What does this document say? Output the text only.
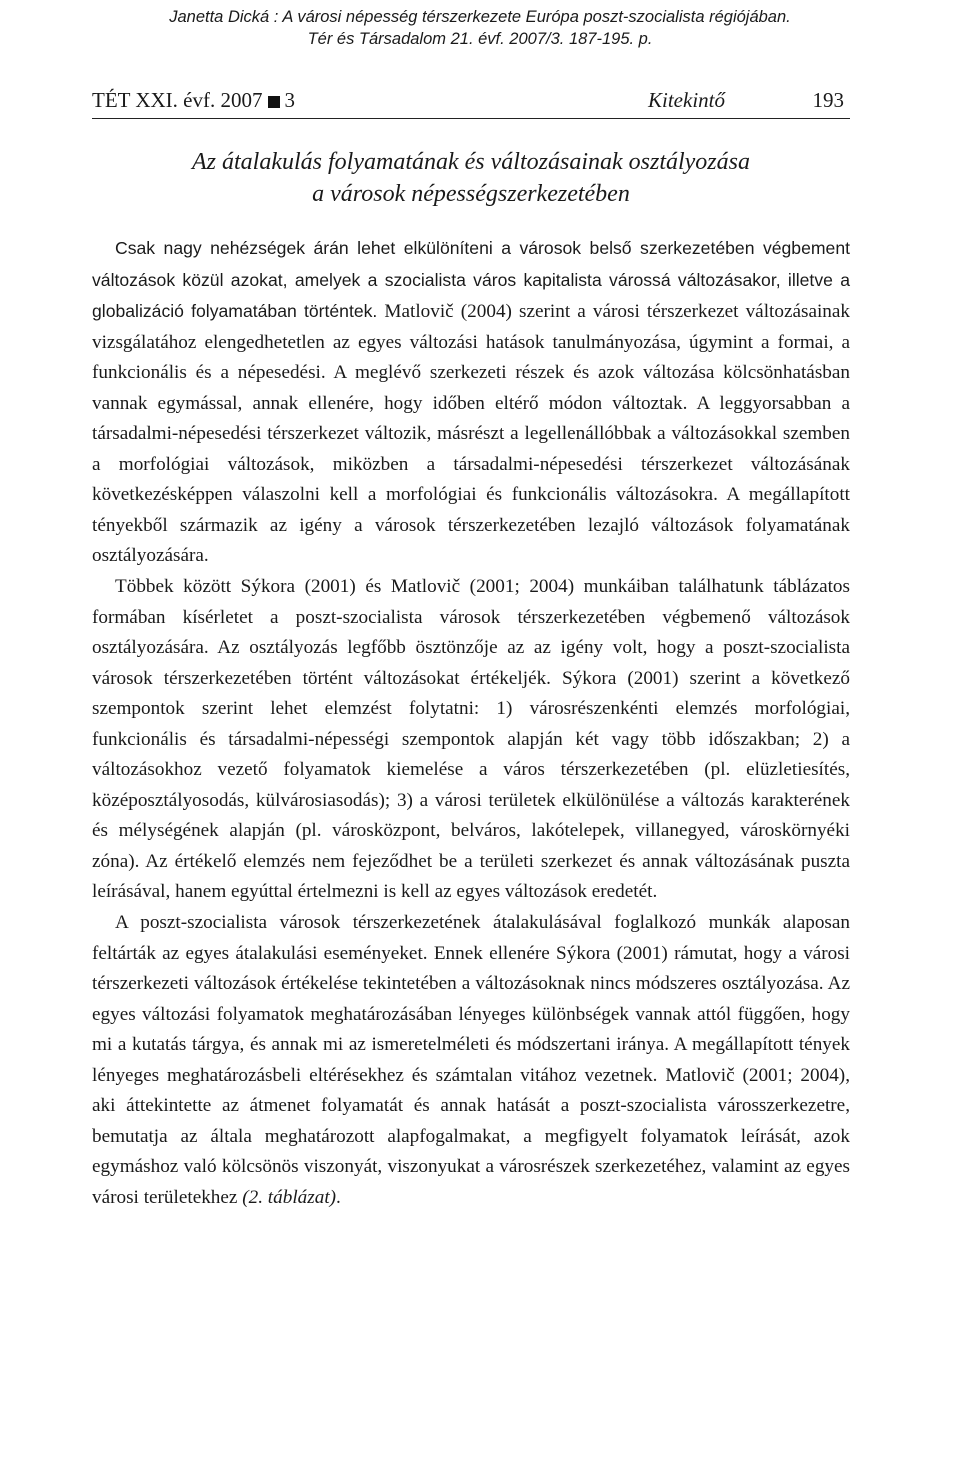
Janetta Dická : A városi népesség térszerkezete Európa poszt-szocialista régiójában.
Tér és Társadalom 21. évf. 2007/3. 187-195. p.
TÉT XXI. évf. 2007 3	Kitekintő	193
Az átalakulás folyamatának és változásainak osztályozása
a városok népességszerkezetében

Csak nagy nehézségek árán lehet elkülöníteni a városok belső szerkezetében végbement változások közül azokat, amelyek a szocialista város kapitalista várossá változásakor, illetve a globalizáció folyamatában történtek. Matlovič (2004) szerint a városi térszerkezet változásainak vizsgálatához elengedhetetlen az egyes változási hatások tanulmányozása, úgymint a formai, a funkcionális és a népesedési. A meglévő szerkezeti részek és azok változása kölcsönhatásban vannak egymással, annak ellenére, hogy időben eltérő módon változtak. A leggyorsabban a társadalmi-népesedési térszerkezet változik, másrészt a legellenállóbbak a változásokkal szemben a morfológiai változások, miközben a társadalmi-népesedési térszerkezet változásának következésképpen válaszolni kell a morfológiai és funkcionális változásokra. A megállapított tényekből származik az igény a városok térszerkezetében lezajló változások folyamatának osztályozására.

Többek között Sýkora (2001) és Matlovič (2001; 2004) munkáiban találhatunk táblázatos formában kísérletet a poszt-szocialista városok térszerkezetében végbemenő változások osztályozására. Az osztályozás legfőbb ösztönzője az az igény volt, hogy a poszt-szocialista városok térszerkezetében történt változásokat értékeljék. Sýkora (2001) szerint a következő szempontok szerint lehet elemzést folytatni: 1) városrészenkénti elemzés morfológiai, funkcionális és társadalmi-népességi szempontok alapján két vagy több időszakban; 2) a változásokhoz vezető folyamatok kiemelése a város térszerkezetében (pl. elüzletiesítés, középosztályosodás, külvárosiasodás); 3) a városi területek elkülönülése a változás karakterének és mélységének alapján (pl. városközpont, belváros, lakótelepek, villanegyed, városkörnyéki zóna). Az értékelő elemzés nem fejeződhet be a területi szerkezet és annak változásának puszta leírásával, hanem egyúttal értelmezni is kell az egyes változások eredetét.

A poszt-szocialista városok térszerkezetének átalakulásával foglalkozó munkák alaposan feltárták az egyes átalakulási eseményeket. Ennek ellenére Sýkora (2001) rámutat, hogy a városi térszerkezeti változások értékelése tekintetében a változásoknak nincs módszeres osztályozása. Az egyes változási folyamatok meghatározásában lényeges különbségek vannak attól függően, hogy mi a kutatás tárgya, és annak mi az ismeretelméleti és módszertani iránya. A megállapított tények lényeges meghatározásbeli eltérésekhez és számtalan vitához vezetnek. Matlovič (2001; 2004), aki áttekintette az átmenet folyamatát és annak hatását a poszt-szocialista városszerkezetre, bemutatja az általa meghatározott alapfogalmakat, a megfigyelt folyamatok leírását, azok egymáshoz való kölcsönös viszonyát, viszonyukat a városrészek szerkezetéhez, valamint az egyes városi területekhez (2. táblázat).
